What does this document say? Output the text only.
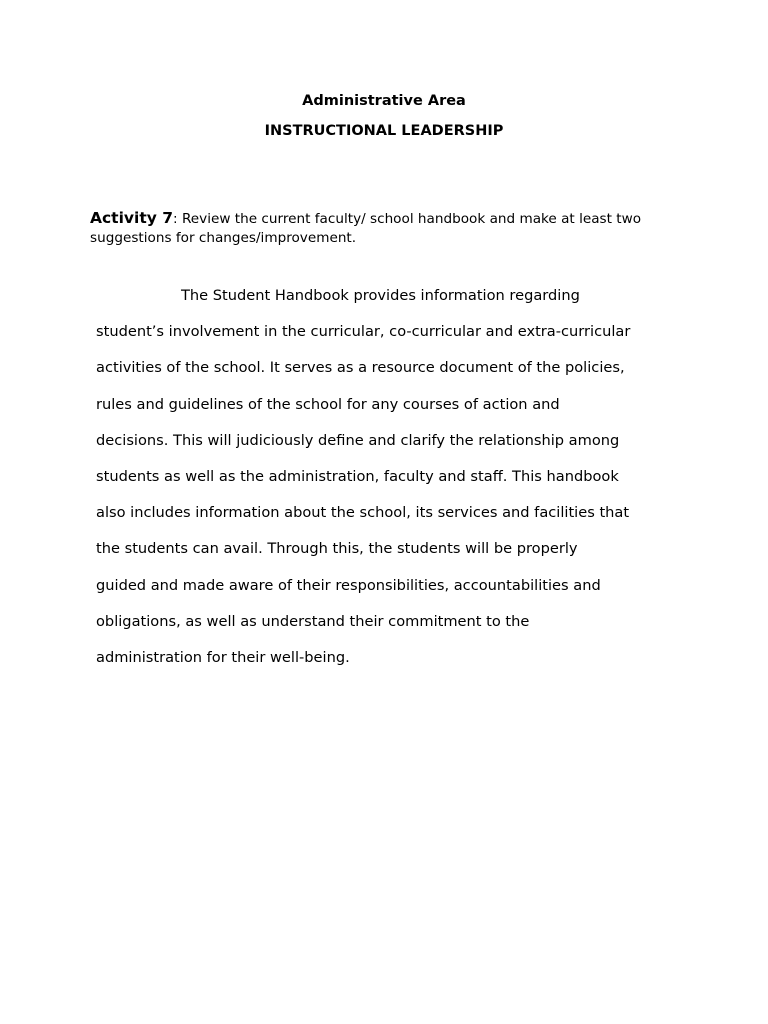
Administrative Area
INSTRUCTIONAL LEADERSHIP
Activity 7: Review the current faculty/ school handbook and make at least two suggestions for changes/improvement.
The Student Handbook provides information regarding
student’s involvement in the curricular, co-curricular and extra-curricular
activities of the school. It serves as a resource document of the policies,
rules and guidelines of the school for any courses of action and
decisions. This will judiciously define and clarify the relationship among
students as well as the administration, faculty and staff. This handbook
also includes information about the school, its services and facilities that
the students can avail. Through this, the students will be properly
guided and made aware of their responsibilities, accountabilities and
obligations, as well as understand their commitment to the
administration for their well-being.
